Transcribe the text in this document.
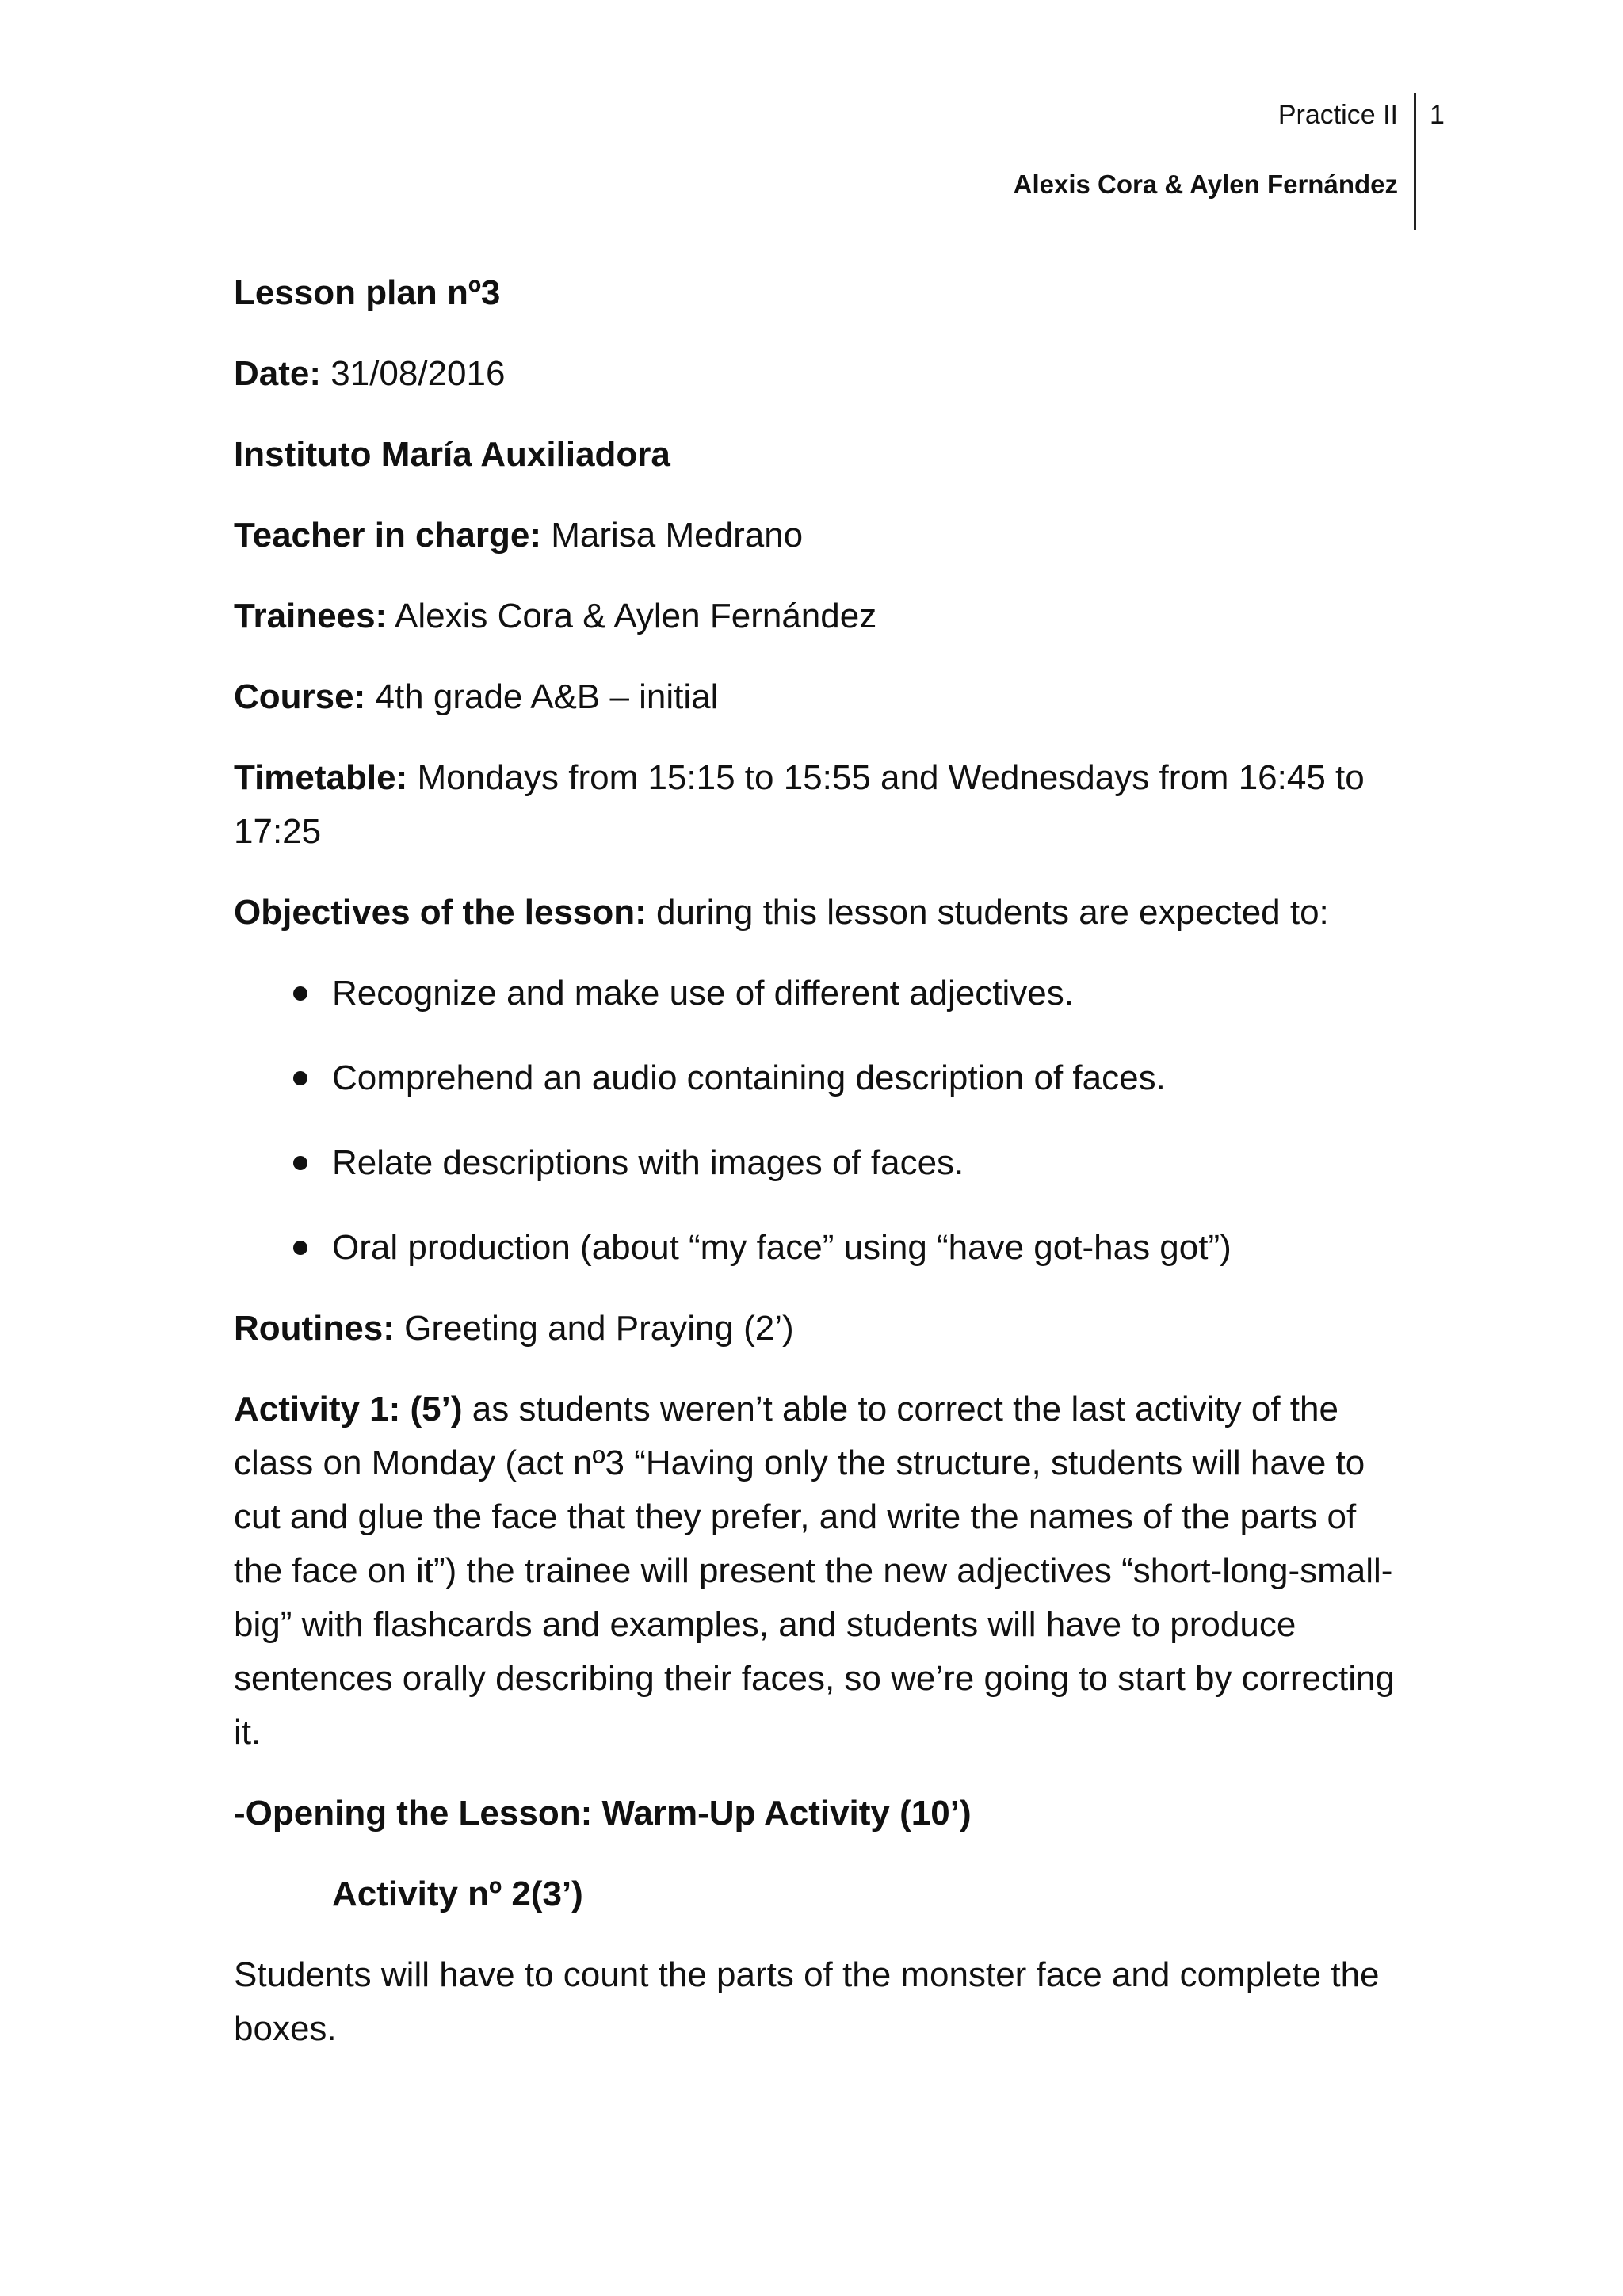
Practice II 1
Alexis Cora & Aylen Fernández

Lesson plan nº3

Date: 31/08/2016

Instituto María Auxiliadora

Teacher in charge: Marisa Medrano

Trainees: Alexis Cora & Aylen Fernández

Course: 4th grade A&B – initial

Timetable: Mondays from 15:15 to 15:55 and Wednesdays from 16:45 to 17:25

Objectives of the lesson: during this lesson students are expected to:

Recognize and make use of different adjectives.
Comprehend an audio containing description of faces.
Relate descriptions with images of faces.
Oral production (about “my face” using “have got-has got”)

Routines: Greeting and Praying (2’)

Activity 1: (5’) as students weren’t able to correct the last activity of the class on Monday (act nº3 “Having only the structure, students will have to cut and glue the face that they prefer, and write the names of the parts of the face on it”) the trainee will present the new adjectives “short-long-small-big” with flashcards and examples, and students will have to produce sentences orally describing their faces, so we’re going to start by correcting it.

-Opening the Lesson: Warm-Up Activity (10’)

Activity nº 2(3’)

Students will have to count the parts of the monster face and complete the boxes.
